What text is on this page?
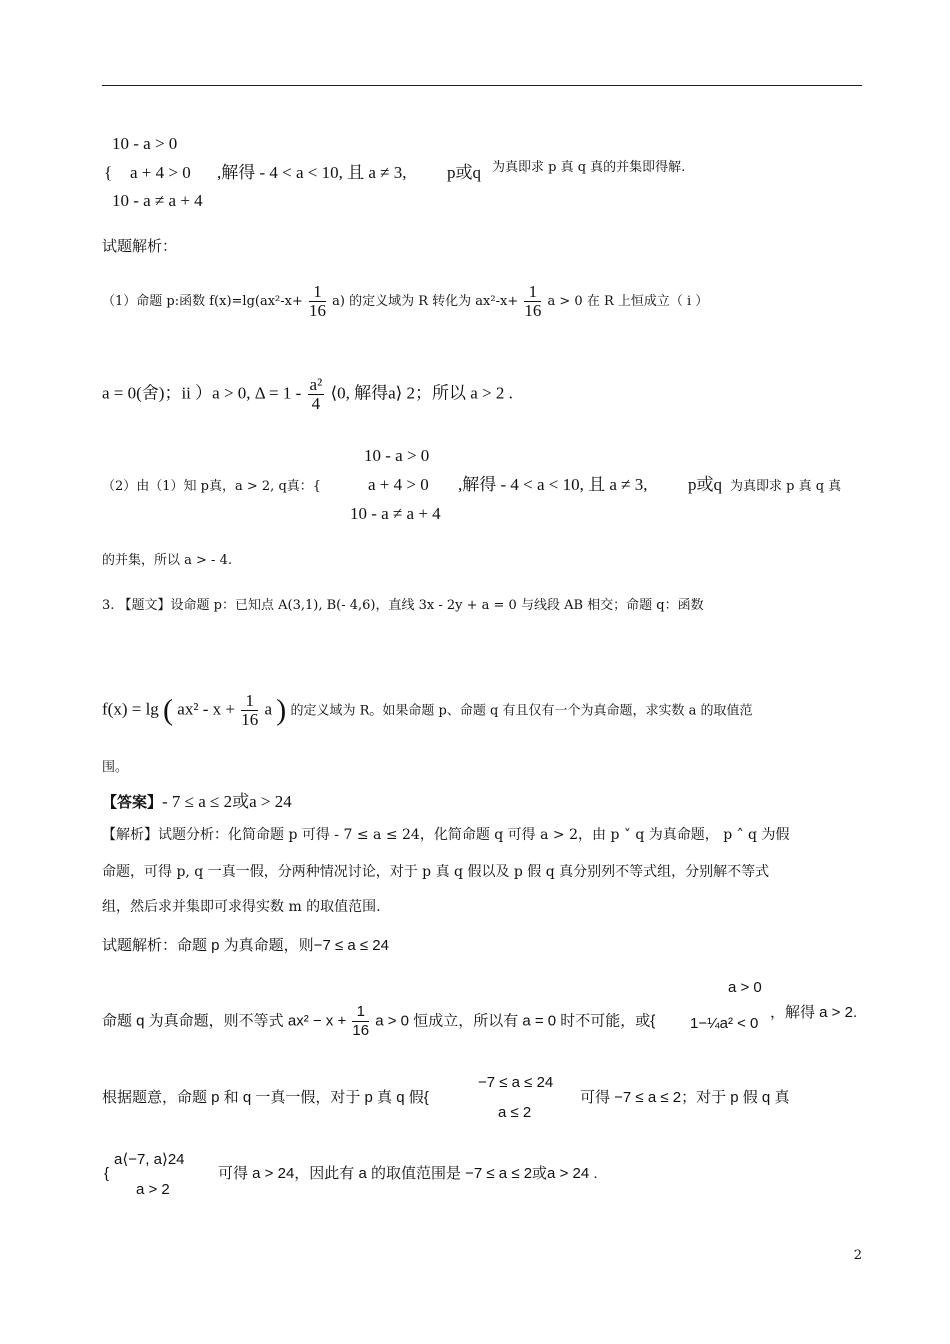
10 - a > 0
{ a + 4 > 0 ,解得 - 4 < a < 10, 且 a ≠ 3, p或q 为真即求 p 真 q 真的并集即得解.
10 - a ≠ a + 4
试题解析：
（1）命题 p:函数 $f(x)=\lg(ax^2-x+ \frac{1}{16} a)$ 的定义域为 R 转化为 $ax^2-x+ \frac{1}{16}$ a > 0 在 R 上恒成立（ i ）
a = 0(舍)；ii ）a > 0, $\Delta = 1 - \frac{\text{a²}}{4}$ ⟨0, 解得a⟩ 2；所以 a > 2 .
10 - a > 0
（2）由（1）知 p真，a > 2, q真：{	a + 4 > 0 ,解得 - 4 < a < 10, 且 a ≠ 3, p或q 为真即求 p 真 q 真
10 - a ≠ a + 4
的并集，所以 a > - 4.
3. 【题文】设命题 p：已知点 A(3,1), B(- 4,6)，直线 3x - 2y + a = 0 与线段 AB 相交；命题 q：函数
f(x) = lg ( $ax^2 - x + \frac{1}{16}$ a ) 的定义域为 R。如果命题 p、命题 q 有且仅有一个为真命题，求实数 a 的取值范
围。
【答案】- 7 ≤ a ≤ 2或a > 24
【解析】试题分析：化简命题 p 可得 - 7 ≤ a ≤ 24，化简命题 q 可得 a > 2，由 p ˅ q 为真命题， p ˄ q 为假
命题，可得 p, q 一真一假，分两种情况讨论，对于 p 真 q 假以及 p 假 q 真分别列不等式组，分别解不等式
组，然后求并集即可求得实数 m 的取值范围.
试题解析：命题 p 为真命题，则−7 ≤ a ≤ 24
a > 0
命题 q 为真命题，则不等式 $ax^2 - x + \frac{1}{16}$ a > 0 恒成立，所以有 a = 0 时不可能，或{ 1−¼a² < 0
，解得 a > 2.
−7 ≤ a ≤ 24
根据题意，命题 p 和 q 一真一假，对于 p 真 q 假{	可得 −7 ≤ a ≤ 2；对于 p 假 q 真
a ≤ 2
a⟨−7, a⟩24
{	可得 a > 24，因此有 a 的取值范围是 −7 ≤ a ≤ 2或a > 24 .
a > 2
2
